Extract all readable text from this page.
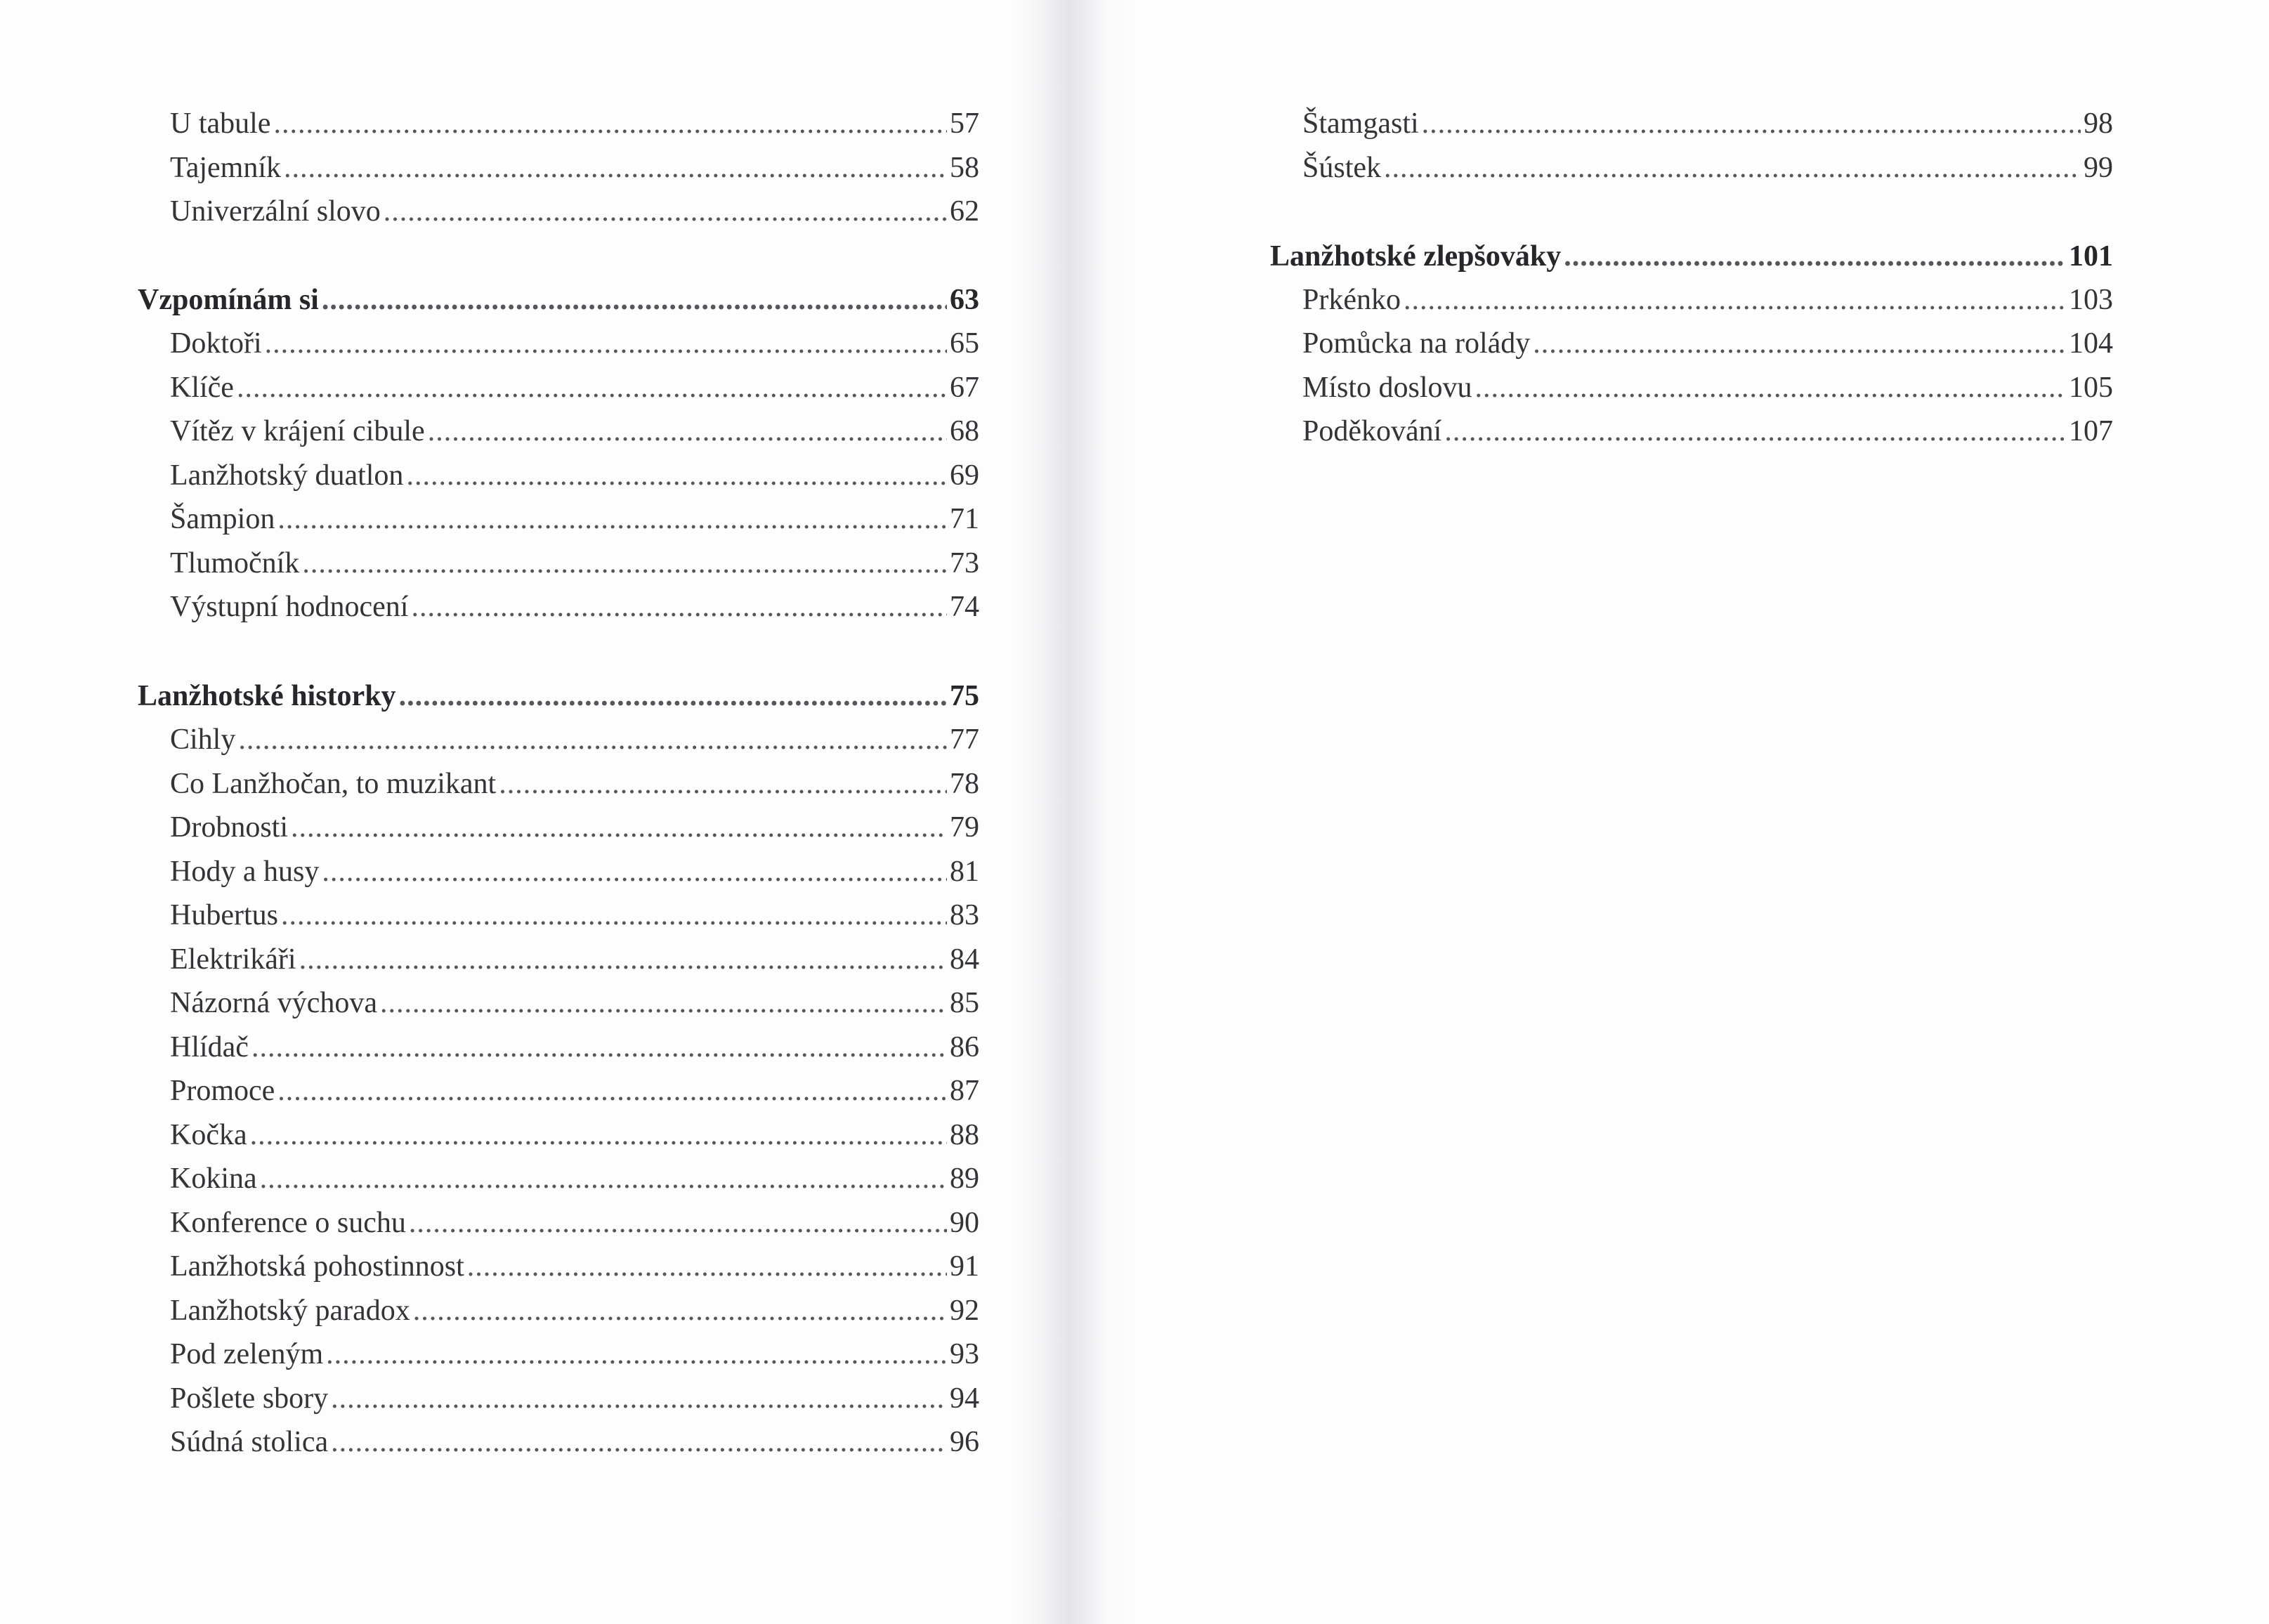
U tabule .....	57
Tajemník .....	58
Univerzální slovo .....	62
Vzpomínám si .....	63
Doktoři .....	65
Klíče .....	67
Vítěz v krájení cibule .....	68
Lanžhotský duatlon .....	69
Šampion .....	71
Tlumočník .....	73
Výstupní hodnocení .....	74
Lanžhotské historky .....	75
Cihly .....	77
Co Lanžhočan, to muzikant .....	78
Drobnosti .....	79
Hody a husy .....	81
Hubertus .....	83
Elektrikáři .....	84
Názorná výchova .....	85
Hlídač .....	86
Promoce .....	87
Kočka .....	88
Kokina .....	89
Konference o suchu .....	90
Lanžhotská pohostinnost .....	91
Lanžhotský paradox .....	92
Pod zeleným .....	93
Pošlete sbory .....	94
Súdná stolica .....	96
Štamgasti .....	98
Šústek .....	99
Lanžhotské zlepšováky .....	101
Prkénko .....	103
Pomůcka na rolády .....	104
Místo doslovu .....	105
Poděkování .....	107
